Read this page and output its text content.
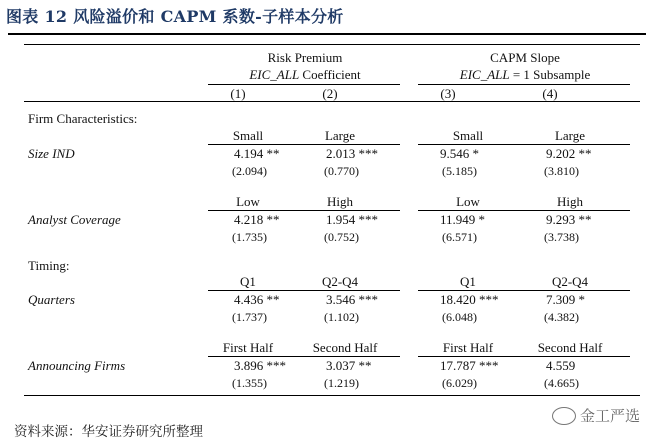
图表 12 风险溢价和 CAPM 系数-子样本分析
Risk Premium
EIC_ALL Coefficient
CAPM Slope
EIC_ALL = 1 Subsample
(1)	(2)	(3)	(4)
Firm Characteristics:
Small	Large	Small	Large
Size IND	4.194 **	2.013 ***	9.546 *	9.202 **
(2.094)	(0.770)	(5.185)	(3.810)
Low	High	Low	High
Analyst Coverage	4.218 **	1.954 ***	11.949 *	9.293 **
(1.735)	(0.752)	(6.571)	(3.738)
Timing:
Q1	Q2-Q4	Q1	Q2-Q4
Quarters	4.436 **	3.546 ***	18.420 ***	7.309 *
(1.737)	(1.102)	(6.048)	(4.382)
First Half	Second Half	First Half	Second Half
Announcing Firms	3.896 ***	3.037 **	17.787 ***	4.559
(1.355)	(1.219)	(6.029)	(4.665)
金工严选
资料来源：华安证券研究所整理
